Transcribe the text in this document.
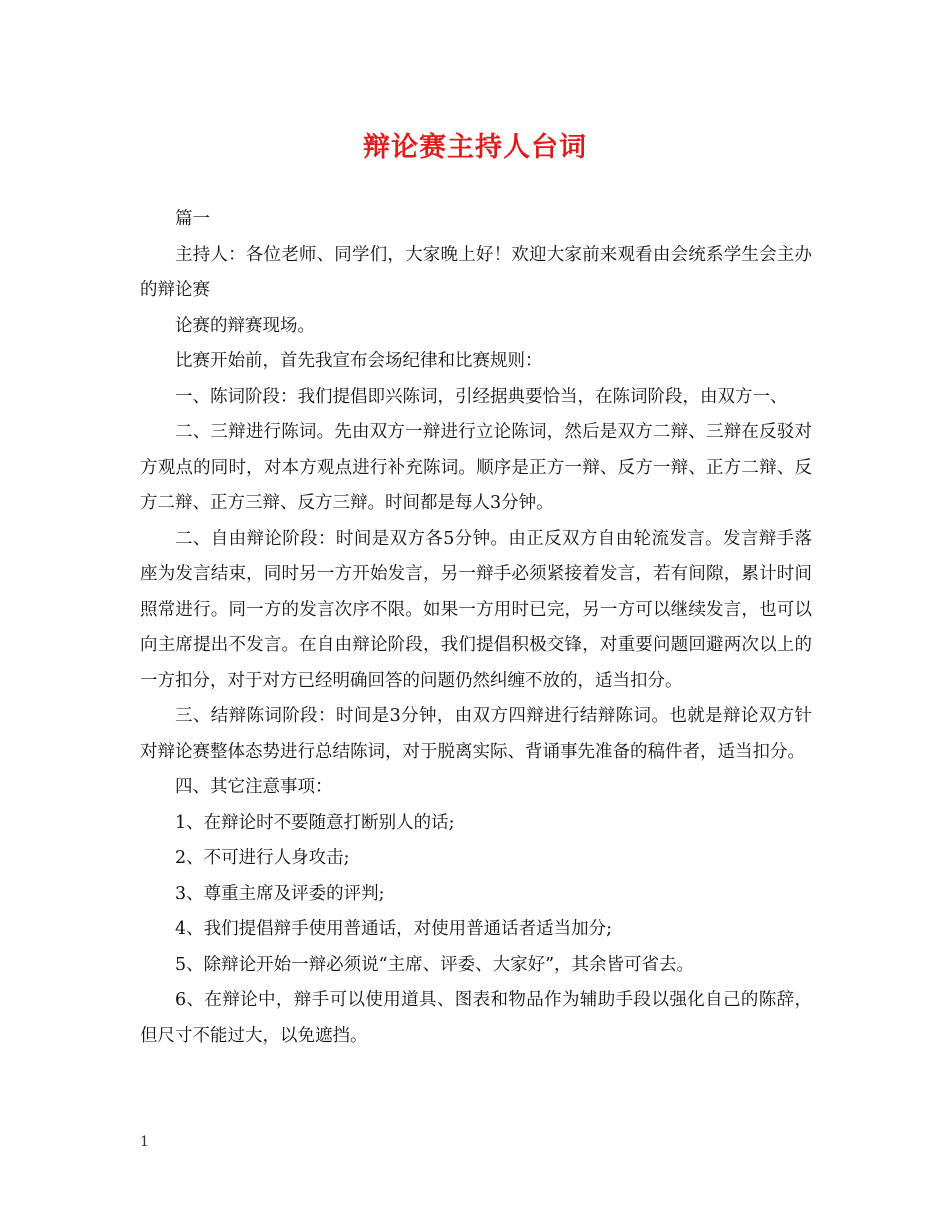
辩论赛主持人台词

篇一

主持人：各位老师、同学们，大家晚上好！欢迎大家前来观看由会统系学生会主办的辩论赛

论赛的辩赛现场。

比赛开始前，首先我宣布会场纪律和比赛规则：

一、陈词阶段：我们提倡即兴陈词，引经据典要恰当，在陈词阶段，由双方一、

二、三辩进行陈词。先由双方一辩进行立论陈词，然后是双方二辩、三辩在反驳对方观点的同时，对本方观点进行补充陈词。顺序是正方一辩、反方一辩、正方二辩、反方二辩、正方三辩、反方三辩。时间都是每人3分钟。

二、自由辩论阶段：时间是双方各5分钟。由正反双方自由轮流发言。发言辩手落座为发言结束，同时另一方开始发言，另一辩手必须紧接着发言，若有间隙，累计时间照常进行。同一方的发言次序不限。如果一方用时已完，另一方可以继续发言，也可以向主席提出不发言。在自由辩论阶段，我们提倡积极交锋，对重要问题回避两次以上的一方扣分，对于对方已经明确回答的问题仍然纠缠不放的，适当扣分。

三、结辩陈词阶段：时间是3分钟，由双方四辩进行结辩陈词。也就是辩论双方针对辩论赛整体态势进行总结陈词，对于脱离实际、背诵事先准备的稿件者，适当扣分。

四、其它注意事项：

1、在辩论时不要随意打断别人的话;

2、不可进行人身攻击;

3、尊重主席及评委的评判;

4、我们提倡辩手使用普通话，对使用普通话者适当加分;

5、除辩论开始一辩必须说“主席、评委、大家好”，其余皆可省去。

6、在辩论中，辩手可以使用道具、图表和物品作为辅助手段以强化自己的陈辞，但尺寸不能过大，以免遮挡。

1
